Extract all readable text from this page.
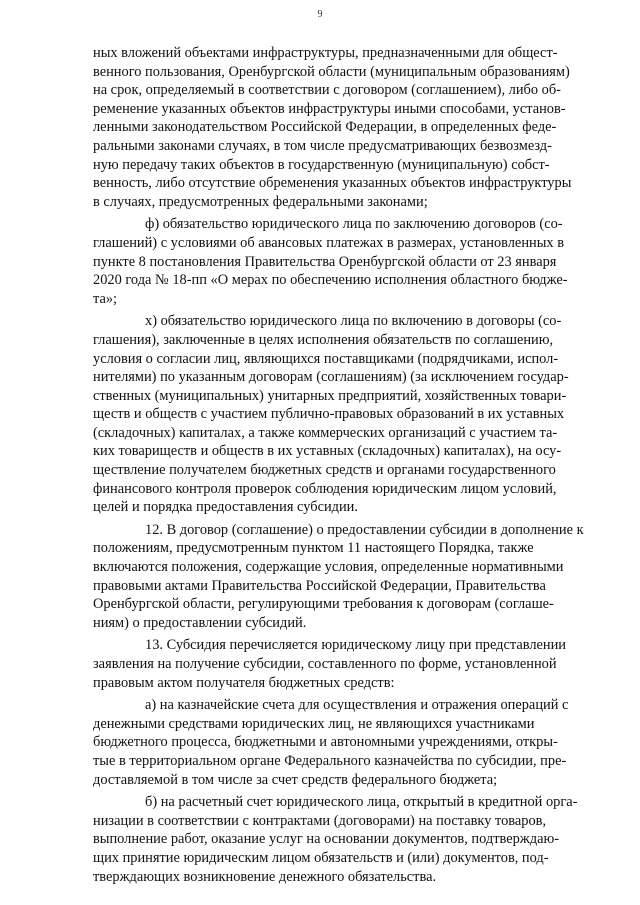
9

ных вложений объектами инфраструктуры, предназначенными для общест-
венного пользования, Оренбургской области (муниципальным образованиям)
на срок, определяемый в соответствии с договором (соглашением), либо об-
ременение указанных объектов инфраструктуры иными способами, установ-
ленными законодательством Российской Федерации, в определенных феде-
ральными законами случаях, в том числе предусматривающих безвозмезд-
ную передачу таких объектов в государственную (муниципальную) собст-
венность, либо отсутствие обременения указанных объектов инфраструктуры
в случаях, предусмотренных федеральными законами;

ф) обязательство юридического лица по заключению договоров (со-
глашений) с условиями об авансовых платежах в размерах, установленных в
пункте 8 постановления Правительства Оренбургской области от 23 января
2020 года № 18-пп «О мерах по обеспечению исполнения областного бюдже-
та»;

х) обязательство юридического лица по включению в договоры (со-
глашения), заключенные в целях исполнения обязательств по соглашению,
условия о согласии лиц, являющихся поставщиками (подрядчиками, испол-
нителями) по указанным договорам (соглашениям) (за исключением государ-
ственных (муниципальных) унитарных предприятий, хозяйственных товари-
ществ и обществ с участием публично-правовых образований в их уставных
(складочных) капиталах, а также коммерческих организаций с участием та-
ких товариществ и обществ в их уставных (складочных) капиталах), на осу-
ществление получателем бюджетных средств и органами государственного
финансового контроля проверок соблюдения юридическим лицом условий,
целей и порядка предоставления субсидии.

12. В договор (соглашение) о предоставлении субсидии в дополнение к
положениям, предусмотренным пунктом 11 настоящего Порядка, также
включаются положения, содержащие условия, определенные нормативными
правовыми актами Правительства Российской Федерации, Правительства
Оренбургской области, регулирующими требования к договорам (соглаше-
ниям) о предоставлении субсидий.

13. Субсидия перечисляется юридическому лицу при представлении
заявления на получение субсидии, составленного по форме, установленной
правовым актом получателя бюджетных средств:

а) на казначейские счета для осуществления и отражения операций с
денежными средствами юридических лиц, не являющихся участниками
бюджетного процесса, бюджетными и автономными учреждениями, откры-
тые в территориальном органе Федерального казначейства по субсидии, пре-
доставляемой в том числе за счет средств федерального бюджета;

б) на расчетный счет юридического лица, открытый в кредитной орга-
низации в соответствии с контрактами (договорами) на поставку товаров,
выполнение работ, оказание услуг на основании документов, подтверждаю-
щих принятие юридическим лицом обязательств и (или) документов, под-
тверждающих возникновение денежного обязательства.
